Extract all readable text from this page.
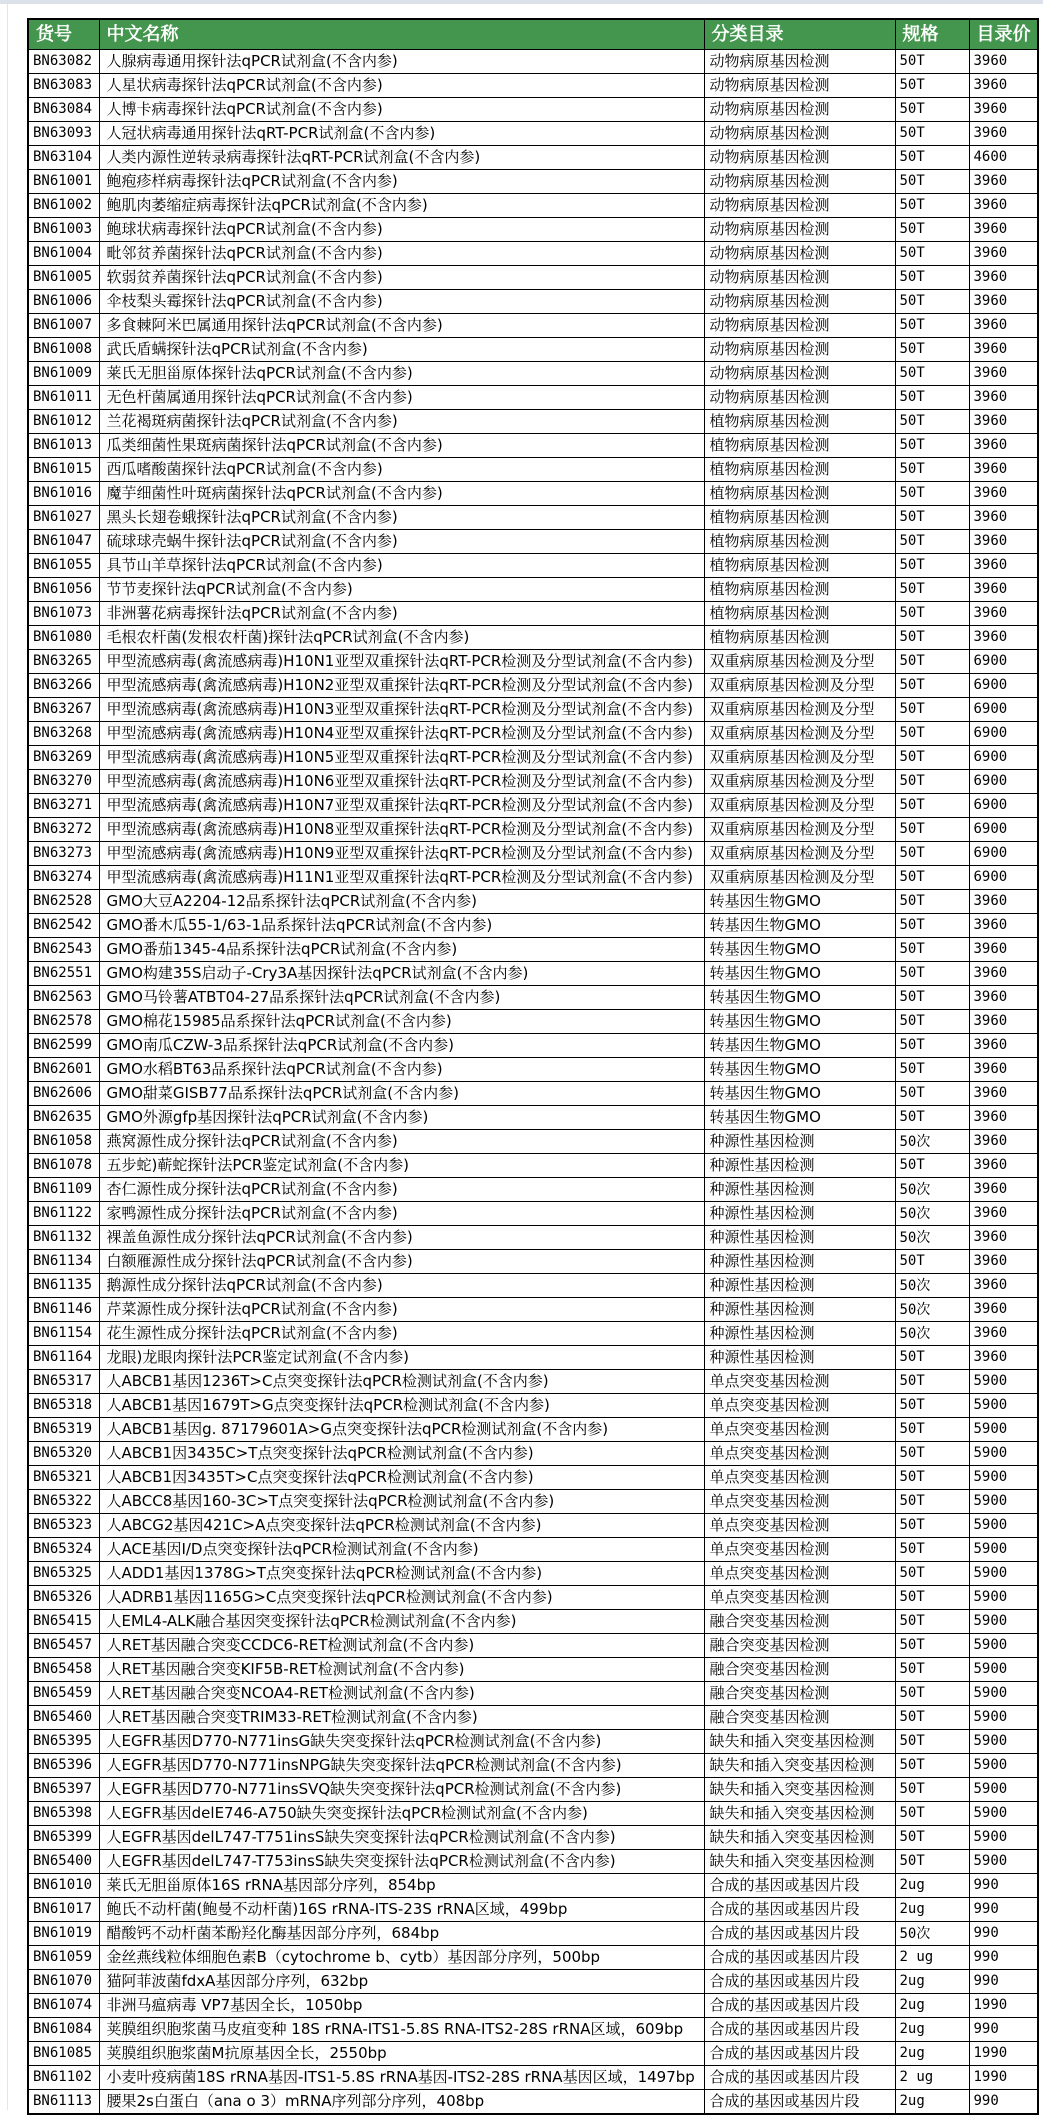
货号	中文名称	分类目录	规格	目录价
BN63082	人腺病毒通用探针法qPCR试剂盒(不含内参)	动物病原基因检测	50T	3960
BN63083	人星状病毒探针法qPCR试剂盒(不含内参)	动物病原基因检测	50T	3960
BN63084	人博卡病毒探针法qPCR试剂盒(不含内参)	动物病原基因检测	50T	3960
BN63093	人冠状病毒通用探针法qRT-PCR试剂盒(不含内参)	动物病原基因检测	50T	3960
BN63104	人类内源性逆转录病毒探针法qRT-PCR试剂盒(不含内参)	动物病原基因检测	50T	4600
BN61001	鲍疱疹样病毒探针法qPCR试剂盒(不含内参)	动物病原基因检测	50T	3960
BN61002	鲍肌肉萎缩症病毒探针法qPCR试剂盒(不含内参)	动物病原基因检测	50T	3960
BN61003	鲍球状病毒探针法qPCR试剂盒(不含内参)	动物病原基因检测	50T	3960
BN61004	毗邻贫养菌探针法qPCR试剂盒(不含内参)	动物病原基因检测	50T	3960
BN61005	软弱贫养菌探针法qPCR试剂盒(不含内参)	动物病原基因检测	50T	3960
BN61006	伞枝梨头霉探针法qPCR试剂盒(不含内参)	动物病原基因检测	50T	3960
BN61007	多食棘阿米巴属通用探针法qPCR试剂盒(不含内参)	动物病原基因检测	50T	3960
BN61008	武氏盾螨探针法qPCR试剂盒(不含内参)	动物病原基因检测	50T	3960
BN61009	莱氏无胆甾原体探针法qPCR试剂盒(不含内参)	动物病原基因检测	50T	3960
BN61011	无色杆菌属通用探针法qPCR试剂盒(不含内参)	动物病原基因检测	50T	3960
BN61012	兰花褐斑病菌探针法qPCR试剂盒(不含内参)	植物病原基因检测	50T	3960
BN61013	瓜类细菌性果斑病菌探针法qPCR试剂盒(不含内参)	植物病原基因检测	50T	3960
BN61015	西瓜嗜酸菌探针法qPCR试剂盒(不含内参)	植物病原基因检测	50T	3960
BN61016	魔芋细菌性叶斑病菌探针法qPCR试剂盒(不含内参)	植物病原基因检测	50T	3960
BN61027	黑头长翅卷蛾探针法qPCR试剂盒(不含内参)	植物病原基因检测	50T	3960
BN61047	硫球球壳蜗牛探针法qPCR试剂盒(不含内参)	植物病原基因检测	50T	3960
BN61055	具节山羊草探针法qPCR试剂盒(不含内参)	植物病原基因检测	50T	3960
BN61056	节节麦探针法qPCR试剂盒(不含内参)	植物病原基因检测	50T	3960
BN61073	非洲薯花病毒探针法qPCR试剂盒(不含内参)	植物病原基因检测	50T	3960
BN61080	毛根农杆菌(发根农杆菌)探针法qPCR试剂盒(不含内参)	植物病原基因检测	50T	3960
BN63265	甲型流感病毒(禽流感病毒)H10N1亚型双重探针法qRT-PCR检测及分型试剂盒(不含内参)	双重病原基因检测及分型	50T	6900
BN63266	甲型流感病毒(禽流感病毒)H10N2亚型双重探针法qRT-PCR检测及分型试剂盒(不含内参)	双重病原基因检测及分型	50T	6900
BN63267	甲型流感病毒(禽流感病毒)H10N3亚型双重探针法qRT-PCR检测及分型试剂盒(不含内参)	双重病原基因检测及分型	50T	6900
BN63268	甲型流感病毒(禽流感病毒)H10N4亚型双重探针法qRT-PCR检测及分型试剂盒(不含内参)	双重病原基因检测及分型	50T	6900
BN63269	甲型流感病毒(禽流感病毒)H10N5亚型双重探针法qRT-PCR检测及分型试剂盒(不含内参)	双重病原基因检测及分型	50T	6900
BN63270	甲型流感病毒(禽流感病毒)H10N6亚型双重探针法qRT-PCR检测及分型试剂盒(不含内参)	双重病原基因检测及分型	50T	6900
BN63271	甲型流感病毒(禽流感病毒)H10N7亚型双重探针法qRT-PCR检测及分型试剂盒(不含内参)	双重病原基因检测及分型	50T	6900
BN63272	甲型流感病毒(禽流感病毒)H10N8亚型双重探针法qRT-PCR检测及分型试剂盒(不含内参)	双重病原基因检测及分型	50T	6900
BN63273	甲型流感病毒(禽流感病毒)H10N9亚型双重探针法qRT-PCR检测及分型试剂盒(不含内参)	双重病原基因检测及分型	50T	6900
BN63274	甲型流感病毒(禽流感病毒)H11N1亚型双重探针法qRT-PCR检测及分型试剂盒(不含内参)	双重病原基因检测及分型	50T	6900
BN62528	GMO大豆A2204-12品系探针法qPCR试剂盒(不含内参)	转基因生物GMO	50T	3960
BN62542	GMO番木瓜55-1/63-1品系探针法qPCR试剂盒(不含内参)	转基因生物GMO	50T	3960
BN62543	GMO番茄1345-4品系探针法qPCR试剂盒(不含内参)	转基因生物GMO	50T	3960
BN62551	GMO构建35S启动子-Cry3A基因探针法qPCR试剂盒(不含内参)	转基因生物GMO	50T	3960
BN62563	GMO马铃薯ATBT04-27品系探针法qPCR试剂盒(不含内参)	转基因生物GMO	50T	3960
BN62578	GMO棉花15985品系探针法qPCR试剂盒(不含内参)	转基因生物GMO	50T	3960
BN62599	GMO南瓜CZW-3品系探针法qPCR试剂盒(不含内参)	转基因生物GMO	50T	3960
BN62601	GMO水稻BT63品系探针法qPCR试剂盒(不含内参)	转基因生物GMO	50T	3960
BN62606	GMO甜菜GISB77品系探针法qPCR试剂盒(不含内参)	转基因生物GMO	50T	3960
BN62635	GMO外源gfp基因探针法qPCR试剂盒(不含内参)	转基因生物GMO	50T	3960
BN61058	燕窝源性成分探针法qPCR试剂盒(不含内参)	种源性基因检测	50次	3960
BN61078	五步蛇)蕲蛇探针法PCR鉴定试剂盒(不含内参)	种源性基因检测	50T	3960
BN61109	杏仁源性成分探针法qPCR试剂盒(不含内参)	种源性基因检测	50次	3960
BN61122	家鸭源性成分探针法qPCR试剂盒(不含内参)	种源性基因检测	50次	3960
BN61132	裸盖鱼源性成分探针法qPCR试剂盒(不含内参)	种源性基因检测	50次	3960
BN61134	白额雁源性成分探针法qPCR试剂盒(不含内参)	种源性基因检测	50T	3960
BN61135	鹅源性成分探针法qPCR试剂盒(不含内参)	种源性基因检测	50次	3960
BN61146	芹菜源性成分探针法qPCR试剂盒(不含内参)	种源性基因检测	50次	3960
BN61154	花生源性成分探针法qPCR试剂盒(不含内参)	种源性基因检测	50次	3960
BN61164	龙眼)龙眼肉探针法PCR鉴定试剂盒(不含内参)	种源性基因检测	50T	3960
BN65317	人ABCB1基因1236T>C点突变探针法qPCR检测试剂盒(不含内参)	单点突变基因检测	50T	5900
BN65318	人ABCB1基因1679T>G点突变探针法qPCR检测试剂盒(不含内参)	单点突变基因检测	50T	5900
BN65319	人ABCB1基因g. 87179601A>G点突变探针法qPCR检测试剂盒(不含内参)	单点突变基因检测	50T	5900
BN65320	人ABCB1因3435C>T点突变探针法qPCR检测试剂盒(不含内参)	单点突变基因检测	50T	5900
BN65321	人ABCB1因3435T>C点突变探针法qPCR检测试剂盒(不含内参)	单点突变基因检测	50T	5900
BN65322	人ABCC8基因160-3C>T点突变探针法qPCR检测试剂盒(不含内参)	单点突变基因检测	50T	5900
BN65323	人ABCG2基因421C>A点突变探针法qPCR检测试剂盒(不含内参)	单点突变基因检测	50T	5900
BN65324	人ACE基因I/D点突变探针法qPCR检测试剂盒(不含内参)	单点突变基因检测	50T	5900
BN65325	人ADD1基因1378G>T点突变探针法qPCR检测试剂盒(不含内参)	单点突变基因检测	50T	5900
BN65326	人ADRB1基因1165G>C点突变探针法qPCR检测试剂盒(不含内参)	单点突变基因检测	50T	5900
BN65415	人EML4-ALK融合基因突变探针法qPCR检测试剂盒(不含内参)	融合突变基因检测	50T	5900
BN65457	人RET基因融合突变CCDC6-RET检测试剂盒(不含内参)	融合突变基因检测	50T	5900
BN65458	人RET基因融合突变KIF5B-RET检测试剂盒(不含内参)	融合突变基因检测	50T	5900
BN65459	人RET基因融合突变NCOA4-RET检测试剂盒(不含内参)	融合突变基因检测	50T	5900
BN65460	人RET基因融合突变TRIM33-RET检测试剂盒(不含内参)	融合突变基因检测	50T	5900
BN65395	人EGFR基因D770-N771insG缺失突变探针法qPCR检测试剂盒(不含内参)	缺失和插入突变基因检测	50T	5900
BN65396	人EGFR基因D770-N771insNPG缺失突变探针法qPCR检测试剂盒(不含内参)	缺失和插入突变基因检测	50T	5900
BN65397	人EGFR基因D770-N771insSVQ缺失突变探针法qPCR检测试剂盒(不含内参)	缺失和插入突变基因检测	50T	5900
BN65398	人EGFR基因delE746-A750缺失突变探针法qPCR检测试剂盒(不含内参)	缺失和插入突变基因检测	50T	5900
BN65399	人EGFR基因delL747-T751insS缺失突变探针法qPCR检测试剂盒(不含内参)	缺失和插入突变基因检测	50T	5900
BN65400	人EGFR基因delL747-T753insS缺失突变探针法qPCR检测试剂盒(不含内参)	缺失和插入突变基因检测	50T	5900
BN61010	莱氏无胆甾原体16S rRNA基因部分序列，854bp	合成的基因或基因片段	2ug	990
BN61017	鲍氏不动杆菌(鲍曼不动杆菌)16S rRNA-ITS-23S rRNA区域，499bp	合成的基因或基因片段	2ug	990
BN61019	醋酸钙不动杆菌苯酚羟化酶基因部分序列，684bp	合成的基因或基因片段	50次	990
BN61059	金丝燕线粒体细胞色素B（cytochrome b、cytb）基因部分序列，500bp	合成的基因或基因片段	2 ug	990
BN61070	猫阿菲波菌fdxA基因部分序列，632bp	合成的基因或基因片段	2ug	990
BN61074	非洲马瘟病毒 VP7基因全长，1050bp	合成的基因或基因片段	2ug	1990
BN61084	荚膜组织胞浆菌马皮疽变种 18S rRNA-ITS1-5.8S RNA-ITS2-28S rRNA区域，609bp	合成的基因或基因片段	2ug	990
BN61085	荚膜组织胞浆菌M抗原基因全长，2550bp	合成的基因或基因片段	2ug	1990
BN61102	小麦叶疫病菌18S rRNA基因-ITS1-5.8S rRNA基因-ITS2-28S rRNA基因区域，1497bp	合成的基因或基因片段	2 ug	1990
BN61113	腰果2s白蛋白（ana o 3）mRNA序列部分序列，408bp	合成的基因或基因片段	2ug	990
